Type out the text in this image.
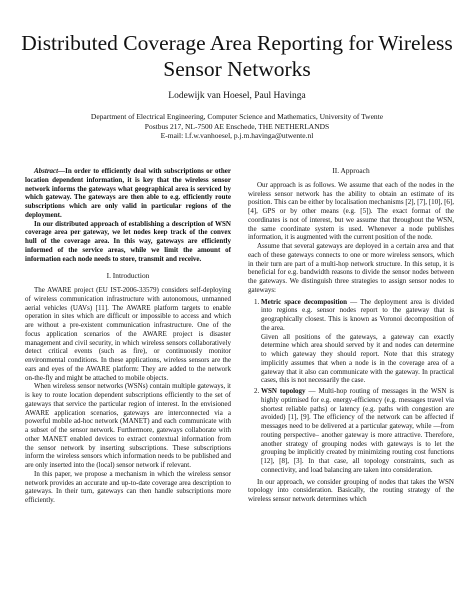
Distributed Coverage Area Reporting for Wireless Sensor Networks

Lodewijk van Hoesel, Paul Havinga

Department of Electrical Engineering, Computer Science and Mathematics, University of Twente
Postbus 217, NL-7500 AE Enschede, THE NETHERLANDS
E-mail: l.f.w.vanhoesel, p.j.m.havinga@utwente.nl

Abstract—In order to efficiently deal with subscriptions or other location dependent information, it is key that the wireless sensor network informs the gateways what geographical area is serviced by which gateway. The gateways are then able to e.g. efficiently route subscriptions which are only valid in particular regions of the deployment.

In our distributed approach of establishing a description of WSN coverage area per gateway, we let nodes keep track of the convex hull of the coverage area. In this way, gateways are efficiently informed of the service areas, while we limit the amount of information each node needs to store, transmit and receive.

I. Introduction

The AWARE project (EU IST-2006-33579) considers self-deploying of wireless communication infrastructure with autonomous, unmanned aerial vehicles (UAVs) [11]. The AWARE platform targets to enable operation in sites which are difficult or impossible to access and which are without a pre-existent communication infrastructure. One of the focus application scenarios of the AWARE project is disaster management and civil security, in which wireless sensors collaboratively detect critical events (such as fire), or continuously monitor environmental conditions. In these applications, wireless sensors are the ears and eyes of the AWARE platform: They are added to the network on-the-fly and might be attached to mobile objects.

When wireless sensor networks (WSNs) contain multiple gateways, it is key to route location dependent subscriptions efficiently to the set of gateways that service the particular region of interest. In the envisioned AWARE application scenarios, gateways are interconnected via a powerful mobile ad-hoc network (MANET) and each communicate with a subset of the sensor network. Furthermore, gateways collaborate with other MANET enabled devices to extract contextual information from the sensor network by inserting subscriptions. These subscriptions inform the wireless sensors which information needs to be published and are only inserted into the (local) sensor network if relevant.

In this paper, we propose a mechanism in which the wireless sensor network provides an accurate and up-to-date coverage area description to gateways. In their turn, gateways can then handle subscriptions more efficiently.

II. Approach

Our approach is as follows. We assume that each of the nodes in the wireless sensor network has the ability to obtain an estimate of its position. This can be either by localisation mechanisms [2], [7], [10], [6], [4], GPS or by other means (e.g. [5]). The exact format of the coordinates is not of interest, but we assume that throughout the WSN, the same coordinate system is used. Whenever a node publishes information, it is augmented with the current position of the node.

Assume that several gateways are deployed in a certain area and that each of these gateways connects to one or more wireless sensors, which in their turn are part of a multi-hop network structure. In this setup, it is beneficial for e.g. bandwidth reasons to divide the sensor nodes between the gateways. We distinguish three strategies to assign sensor nodes to gateways:

1. Metric space decomposition — The deployment area is divided into regions e.g. sensor nodes report to the gateway that is geographically closest. This is known as Voronoi decomposition of the area.

Given all positions of the gateways, a gateway can exactly determine which area should served by it and nodes can determine to which gateway they should report. Note that this strategy implicitly assumes that when a node is in the coverage area of a gateway that it also can communicate with the gateway. In practical cases, this is not necessarily the case.

2. WSN topology — Multi-hop routing of messages in the WSN is highly optimised for e.g. energy-efficiency (e.g. messages travel via shortest reliable paths) or latency (e.g. paths with congestion are avoided) [1], [9]. The efficiency of the network can be affected if messages need to be delivered at a particular gateway, while —from routing perspective– another gateway is more attractive. Therefore, another strategy of grouping nodes with gateways is to let the grouping be implicitly created by minimizing routing cost functions [12], [8], [3]. In that case, all topology constraints, such as connectivity, and load balancing are taken into consideration.

In our approach, we consider grouping of nodes that takes the WSN topology into consideration. Basically, the routing strategy of the wireless sensor network determines which
